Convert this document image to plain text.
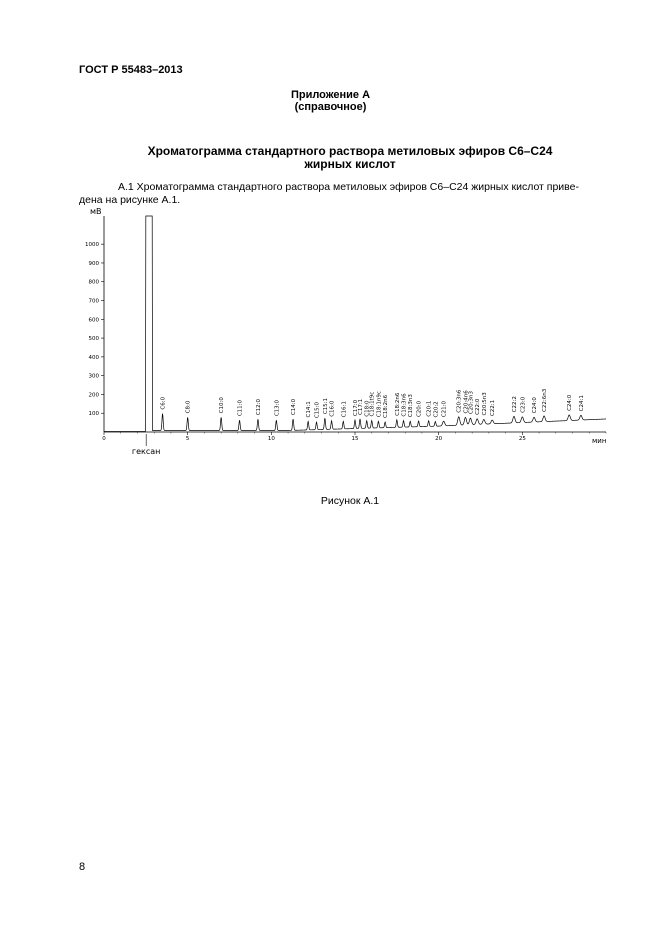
ГОСТ Р 55483–2013
Приложение А
(справочное)
Хроматограмма стандартного раствора метиловых эфиров С6–С24
жирных кислот
А.1 Хроматограмма стандартного раствора метиловых эфиров С6–С24 жирных кислот приве-
дена на рисунке А.1.
мВ
100
200
300
400
500
600
700
800
900
1000
0	5	10	15	20	25	мин
гексан
C6:0	C8:0	C10:0 C11:0 C12:0 C13:0 C14:0 C14:1 C15:0 C15:1 C16:0 C16:1 C17:0 C17:1 C18:0 C18:1t9c C18:1n9c C18:2n6 C18:2n6 C18:3n6 C18:3n3 C20:0 C20:1 C20:2 C21:0 C20:3n6 C20:4n6 C20:3n3 C22:0 C20:5n3 C22:1	C22:2 C23:0 C24:0 C22:6n3	C24:0 C24:1
Рисунок А.1
8
